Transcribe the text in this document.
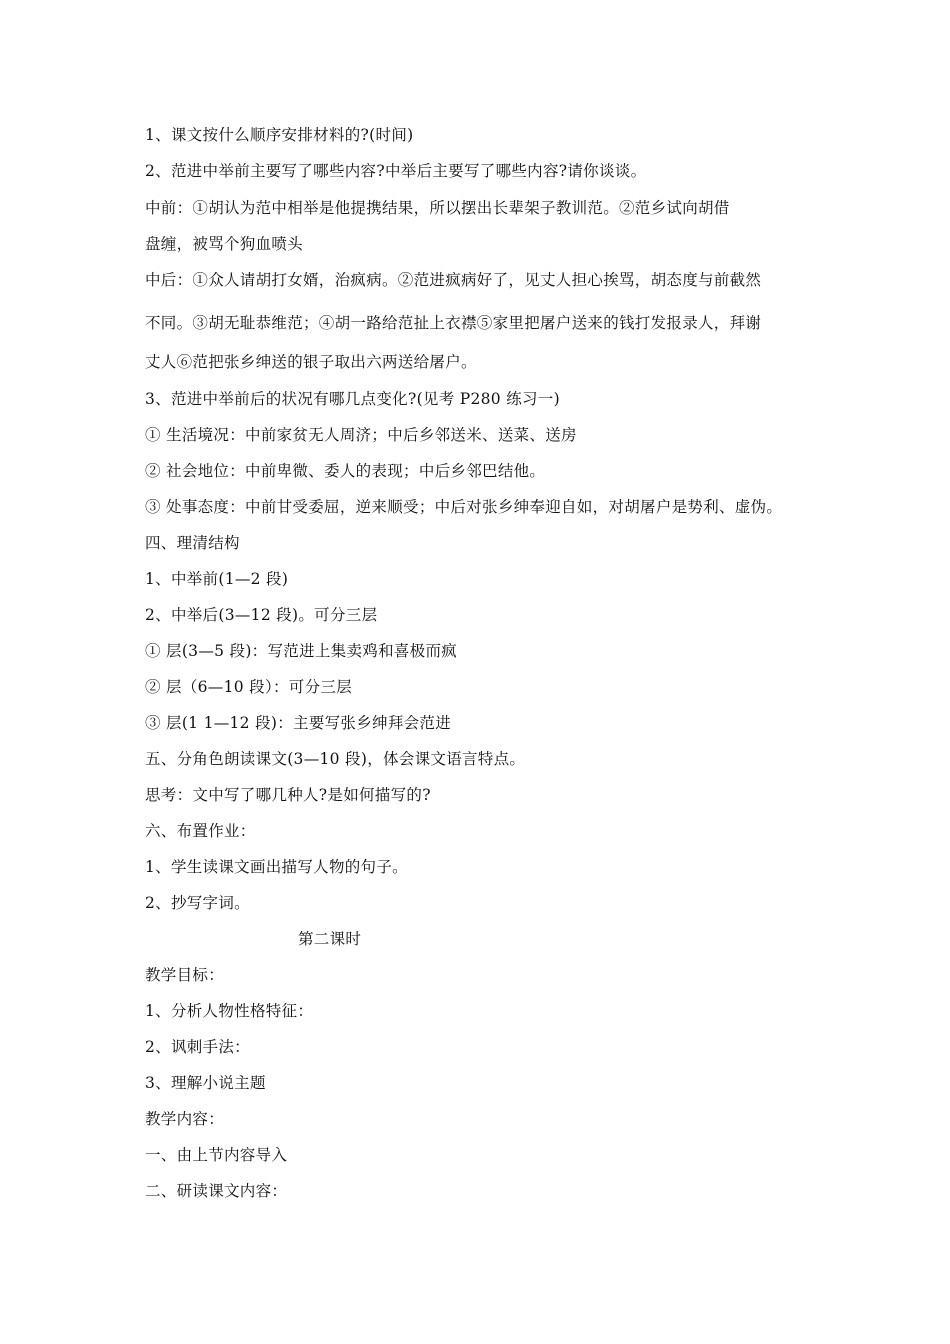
1、课文按什么顺序安排材料的?(时间)
2、范进中举前主要写了哪些内容?中举后主要写了哪些内容?请你谈谈。
中前：①胡认为范中相举是他提携结果，所以摆出长辈架子教训范。②范乡试向胡借
盘缠，被骂个狗血喷头
中后：①众人请胡打女婿，治疯病。②范进疯病好了，见丈人担心挨骂，胡态度与前截然
不同。③胡无耻恭维范；④胡一路给范扯上衣襟⑤家里把屠户送来的钱打发报录人，拜谢
丈人⑥范把张乡绅送的银子取出六两送给屠户。
3、范进中举前后的状况有哪几点变化?(见考 P280 练习一)
① 生活境况：中前家贫无人周济；中后乡邻送米、送菜、送房
② 社会地位：中前卑微、委人的表现；中后乡邻巴结他。
③ 处事态度：中前甘受委屈，逆来顺受；中后对张乡绅奉迎自如，对胡屠户是势利、虚伪。
四、理清结构
1、中举前(1—2 段)
2、中举后(3—12 段)。可分三层
① 层(3—5 段)：写范进上集卖鸡和喜极而疯
② 层（6—10 段）：可分三层
③ 层(1 1—12 段)：主要写张乡绅拜会范进
五、分角色朗读课文(3—10 段)，体会课文语言特点。
思考：文中写了哪几种人?是如何描写的?
六、布置作业：
1、学生读课文画出描写人物的句子。
2、抄写字词。
第二课时
教学目标：
1、分析人物性格特征：
2、讽刺手法：
3、理解小说主题
教学内容：
一、由上节内容导入
二、研读课文内容：
